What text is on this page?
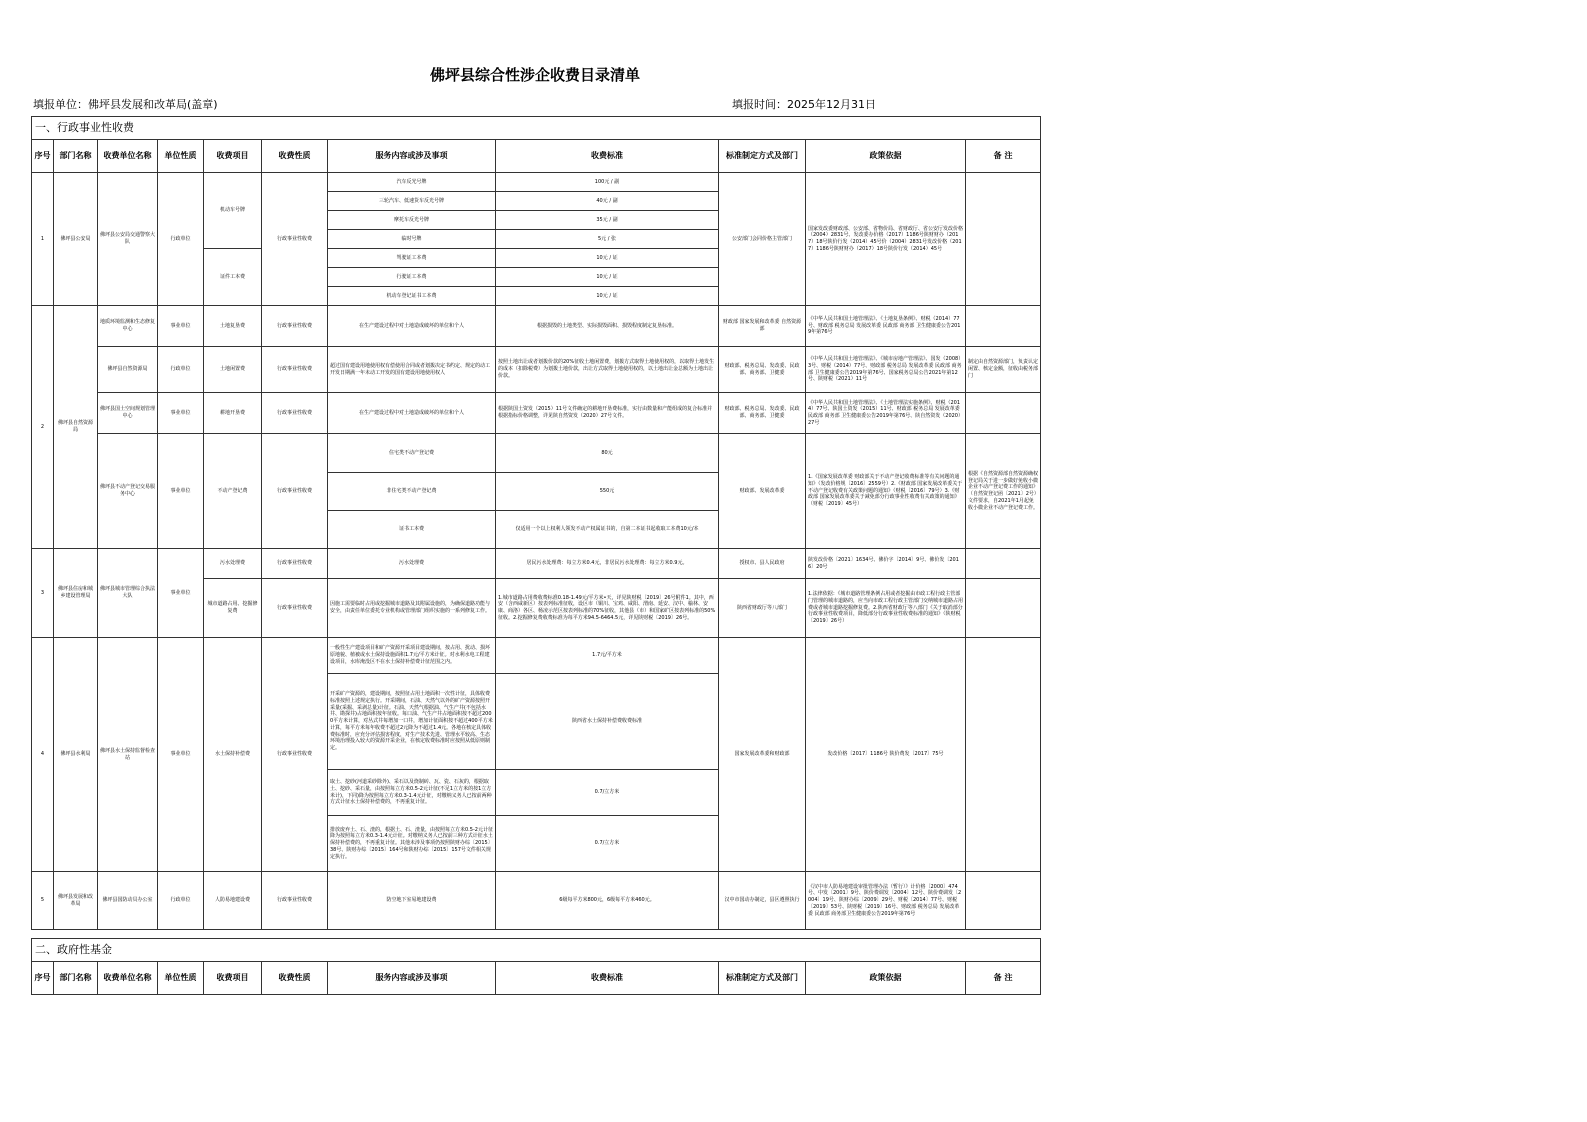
佛坪县综合性涉企收费目录清单
填报单位：佛坪县发展和改革局(盖章)	填报时间：2025年12月31日
一、行政事业性收费										
序号	部门名称	收费单位名称	单位性质	收费项目	收费性质	服务内容或涉及事项	收费标准	标准制定方式及部门	政策依据	备 注
1	佛坪县公安局	佛坪县公安局交通警察大队	行政单位	机动车号牌	行政事业性收费	汽车反光号牌	100元 / 副	公安部门会同价格主管部门	国家发改委财政部、公安部、省物价局、省财政厅、省公安厅发改价格（2004）2831号、发改委办价格（2017）1186号陕财财办（2017）18号陕价行发（2014）45号价（2004）2831号发改价格（2017）1186号陕财财办（2017）18号陕价行发（2014）45号	
						三轮汽车、低速货车反光号牌	40元 / 副			
						摩托车反光号牌	35元 / 副			
						临时号牌	5元 / 张			
				证件工本费		驾驶证工本费	10元 / 证			
						行驶证工本费	10元 / 证			
						机动车登记证书工本费	10元 / 证			
2	佛坪县自然资源局	地质环境监测和生态修复中心	事业单位	土地复垦费	行政事业性收费	在生产建设过程中对土地造成破坏的单位和个人	根据损毁的土地类型、实际损毁面积、损毁程度制定复垦标准。	财政部 国家发展和改革委 自然资源部	《中华人民共和国土地管理法》、《土地复垦条例》、财税（2014）77号、财政部 税务总局 发展改革委 民政部 商务部 卫生健康委公告2019年第76号	
		佛坪县自然资源局	行政单位	土地闲置费	行政事业性收费	超过国有建设用地使用权有偿使用合同或者划拨决定书约定、规定的动工开发日期满一年未动工开发的国有建设用地使用权人	按照土地出让或者划拨价款的20%征收土地闲置费，划拨方式取得土地使用权的，以取得土地发生的成本（扣除税费）为划拨土地价款，出让方式取得土地使用权的，以土地出让金总额为土地出让价款。	财政部、税务总局、发改委、民政部、商务部、卫健委	《中华人民共和国土地管理法》、《城市房地产管理法》、国发（2008）3号、财税（2014）77号、财政部 税务总局 发展改革委 民政部 商务部 卫生健康委公告2019年第76号、国家税务总局公告2021年第12号、陕财税（2021）11号	制定由自然资源部门，负责认定闲置、核定金额，征收由税务部门
		佛坪县国土空间规划管理中心	事业单位	耕地开垦费	行政事业性收费	在生产建设过程中对土地造成破坏的单位和个人	根据陕国土资发（2015）11号文件确定的耕地开垦费标准，实行由数量和产能组成的复合标准并根据指标价格调整，详见陕自然资发（2020）27号文件。	财政部、税务总局、发改委、民政部、商务部、卫健委	《中华人民共和国土地管理法》、《土地管理法实施条例》、财税（2014）77号、陕国土资发（2015）11号、财政部 税务总局 发展改革委 民政部 商务部 卫生健康委公告2019年第76号、陕自然资发（2020）27号	
		佛坪县不动产登记交易服务中心	事业单位	不动产登记费	行政事业性收费	住宅类不动产登记费	80元	财政部、发展改革委	1.《国家发展改革委 财政部关于不动产登记收费标准等有关问题的通知》（发改价格规〔2016〕2559号）2.《财政部 国家发展改革委关于不动产登记收费有关政策问题的通知》（财税〔2016〕79号）3.《财政部 国家发展改革委关于减免部分行政事业性收费有关政策的通知》（财税〔2019〕45号）	根据《自然资源部自然资源确权登记局关于进一步做好免收小微企业不动产登记费工作的通知》（自然资登记函〔2021〕2号）文件要求，自2021年1月起免收小微企业不动产登记费工作。
						非住宅类不动产登记费	550元			
						证书工本费	仅适用一个以上权利人领发不动产权属证书的，自第二本证书起收取工本费10元/本			
3	佛坪县住房和城乡建设管理局	佛坪县城市管理综合执法大队	事业单位	污水处理费	行政事业性收费	污水处理费	居民污水处理费：每立方米0.4元，非居民污水处理费：每立方米0.9元。	授权市、县人民政府	陕发改价格〔2021〕1634号、佛价字〔2014〕9号、佛价发〔2016〕20号	
				城市道路占用、挖掘修复费	行政事业性收费	因施工需要临时占用或挖掘城市道路及其附属设施的，为确保道路功能与安全，由责任单位委托专业机构或管理部门组织实施的一系列修复工作。	1.城市道路占用费收费标准0.18-1.49元/平方米•天，详见陕财税〔2019〕26号附件1。其中，西安（含西咸新区）按表列标准征收，设区市（铜川、宝鸡、咸阳、渭南、延安、汉中、榆林、安康、商洛）各区、杨凌示范区按表列标准的70%征收，其他县（市）和国家矿区按表列标准的50%征收。2.挖掘修复费收费标准为每平方米94.5-6464.5元，详见陕财税〔2019〕26号。	陕西省财政厅等八部门	1.法律依据：《城市道路管理条例占用或者挖掘由市政工程行政主管部门管理的城市道路的，应当向市政工程行政主管部门交纳城市道路占用费或者城市道路挖掘修复费。2.陕西省财政厅等八部门《关于取消部分行政事业性收费项目，降低部分行政事业性收费标准的通知》（陕财税〔2019〕26号）	
4	佛坪县水利局	佛坪县水土保持监督检查站	事业单位	水土保持补偿费	行政事业性收费	一般性生产建设项目和矿产资源开采项目建设期间，按占用、扰动、损坏原地貌、植被或水土保持设施面积1.7元/平方米计征。对水利水电工程建设项目，水库淹没区不在水土保持补偿费计征范围之内。	1.7元/平方米	国家发展改革委和财政部	发改价格〔2017〕1186号 陕价费发〔2017〕75号	
						开采矿产资源的，建设期间，按照征占用土地面积一次性计征，具体收费标准按照上述规定执行。开采期间，石油、天然气以外的矿产资源按照开采量(采掘、采剥总量)计征。石油、天然气根据油、气生产井(不包括水井、勘探井)占地面积按年征收。每口油、气生产井占地面积按不超过2000平方米计算，对丛式井每增加一口井，增加计征面积按不超过400平方米计算，每平方米每年收费不超过2元降为不超过1.4元。各地在核定具体收费标准时，应充分评估损害程度，对生产技术先进、管理水平较高、生态环境治理投入较大的资源开采企业，在核定收费标准时应按照从低原则制定。	陕西省水土保持补偿费收费标准			
						取土、挖砂(河道采砂除外)、采石以及烧制砖、瓦、瓷、石灰的，根据取土、挖砂、采石量，由按照每立方米0.5-2元计征(不足1立方米的按1立方米计)，下同)降为按照每立方米0.3-1.4元计征，对缴纳义务人已按前两种方式计征水土保持补偿费的，不再重复计征。	0.7/立方米			
						排放废弃土、石、渣的，根据土、石、渣量，由按照每立方米0.5-2元计征降为按照每立方米0.3-1.4元计征。对缴纳义务人已按前三种方式计征水土保持补偿费的，不再重复计征。其他未涉及事项仍按照陕财办综〔2015〕38号、陕财办综〔2015〕164号和陕财办综〔2015〕157号文件相关规定执行。	0.7/立方米			
5	佛坪县发展和改革局	佛坪县国防动员办公室	行政单位	人防易地建设费	行政事业性收费	防空地下室易地建设费	6级每平方米800元，6级每平方米460元。	汉中市国动办制定，县区遵照执行	《汉中市人防易地建设审批管理办法（暂行）》计价格〔2000〕474号、中发〔2001〕9号、陕价费调发〔2004〕12号、陕价费调发〔2004〕19号、陕财办综〔2009〕29号、财税〔2014〕77号、财税〔2019〕53号、陕财税〔2019〕16号、财政部 税务总局 发展改革委 民政部 商务部卫生健康委公告2019年第76号	
二、政府性基金
序号	部门名称	收费单位名称	单位性质	收费项目	收费性质	服务内容或涉及事项	收费标准	标准制定方式及部门	政策依据	备 注
